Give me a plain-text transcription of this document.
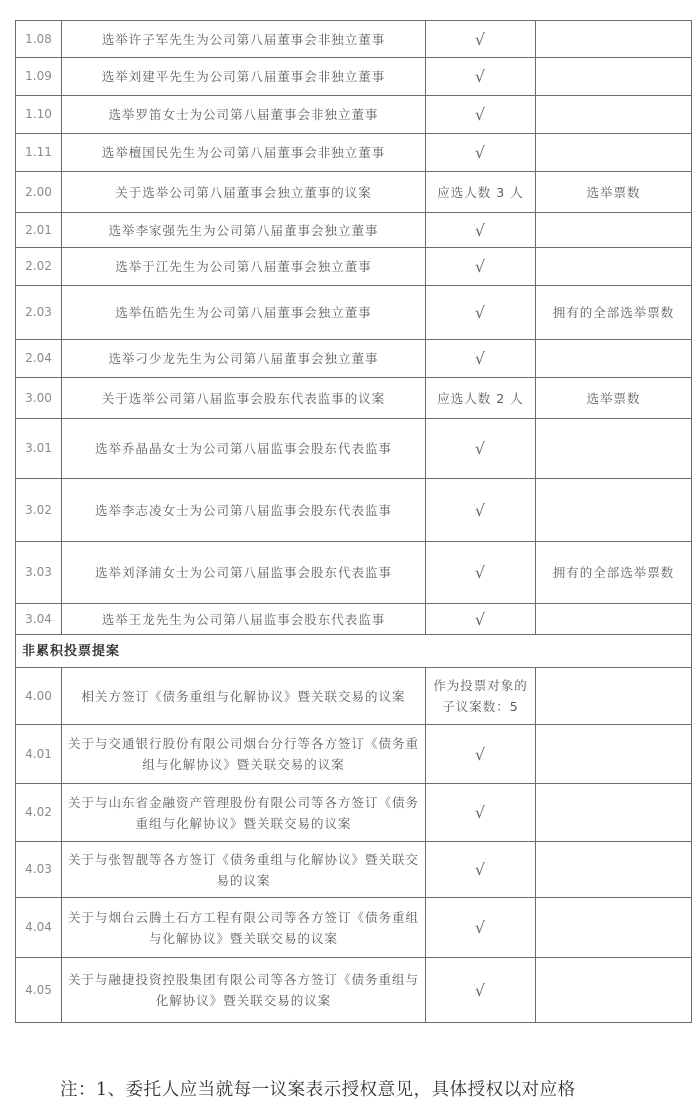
1.08	选举许子军先生为公司第八届董事会非独立董事	√	
1.09	选举刘建平先生为公司第八届董事会非独立董事	√	
1.10	选举罗笛女士为公司第八届董事会非独立董事	√	
1.11	选举檀国民先生为公司第八届董事会非独立董事	√	
2.00	关于选举公司第八届董事会独立董事的议案	应选人数 3 人	选举票数
2.01	选举李家强先生为公司第八届董事会独立董事	√	
2.02	选举于江先生为公司第八届董事会独立董事	√	
2.03	选举伍皓先生为公司第八届董事会独立董事	√	拥有的全部选举票数
2.04	选举刁少龙先生为公司第八届董事会独立董事	√	
3.00	关于选举公司第八届监事会股东代表监事的议案	应选人数 2 人	选举票数
3.01	选举乔晶晶女士为公司第八届监事会股东代表监事	√	
3.02	选举李志凌女士为公司第八届监事会股东代表监事	√	
3.03	选举刘泽浦女士为公司第八届监事会股东代表监事	√	拥有的全部选举票数
3.04	选举王龙先生为公司第八届监事会股东代表监事	√	
非累积投票提案			
4.00	相关方签订《债务重组与化解协议》暨关联交易的议案	作为投票对象的子议案数：5	
4.01	关于与交通银行股份有限公司烟台分行等各方签订《债务重组与化解协议》暨关联交易的议案	√	
4.02	关于与山东省金融资产管理股份有限公司等各方签订《债务重组与化解协议》暨关联交易的议案	√	
4.03	关于与张智靓等各方签订《债务重组与化解协议》暨关联交易的议案	√	
4.04	关于与烟台云腾土石方工程有限公司等各方签订《债务重组与化解协议》暨关联交易的议案	√	
4.05	关于与融捷投资控股集团有限公司等各方签订《债务重组与化解协议》暨关联交易的议案	√	
注：1、委托人应当就每一议案表示授权意见，具体授权以对应格
